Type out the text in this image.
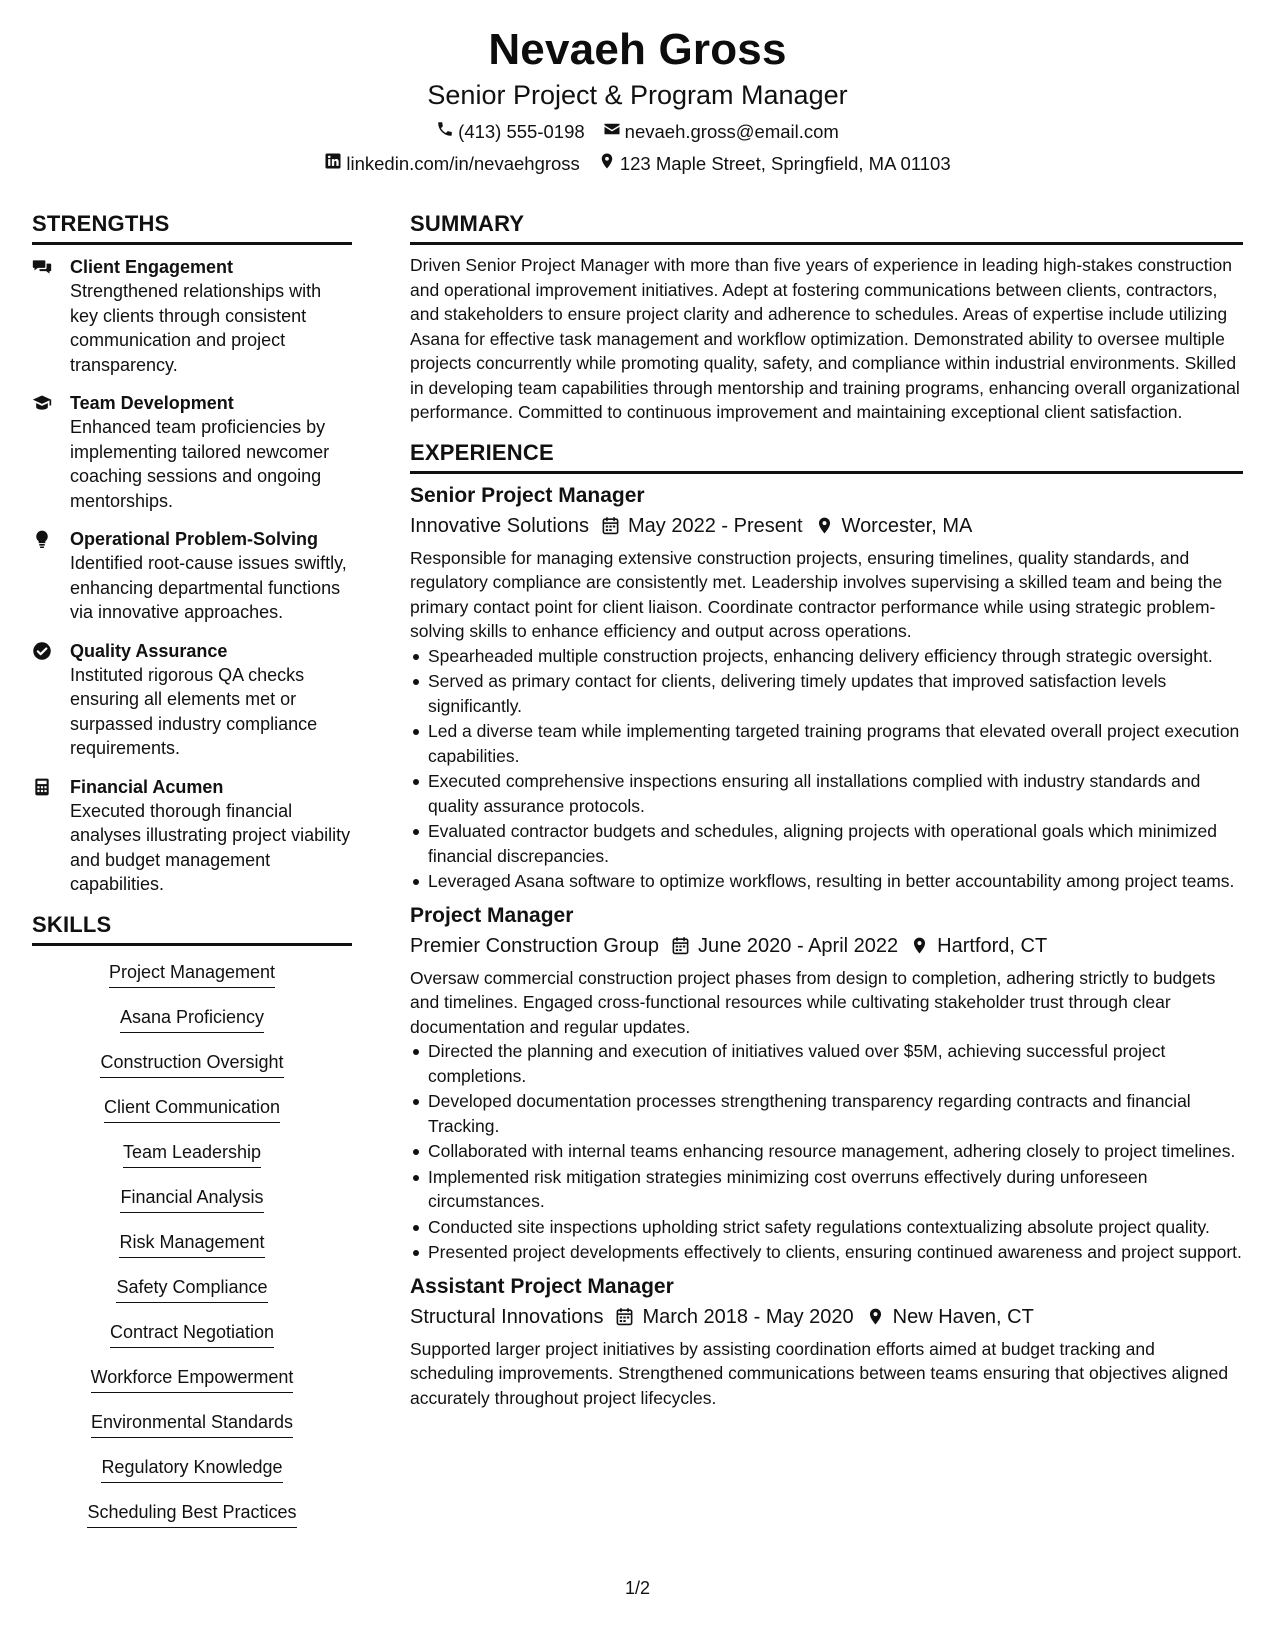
Nevaeh Gross
Senior Project & Program Manager
(413) 555-0198 nevaeh.gross@email.com
linkedin.com/in/nevaehgross 123 Maple Street, Springfield, MA 01103
STRENGTHS
Client Engagement
Strengthened relationships with key clients through consistent communication and project transparency.
Team Development
Enhanced team proficiencies by implementing tailored newcomer coaching sessions and ongoing mentorships.
Operational Problem-Solving
Identified root-cause issues swiftly, enhancing departmental functions via innovative approaches.
Quality Assurance
Instituted rigorous QA checks ensuring all elements met or surpassed industry compliance requirements.
Financial Acumen
Executed thorough financial analyses illustrating project viability and budget management capabilities.
SKILLS
Project Management
Asana Proficiency
Construction Oversight
Client Communication
Team Leadership
Financial Analysis
Risk Management
Safety Compliance
Contract Negotiation
Workforce Empowerment
Environmental Standards
Regulatory Knowledge
Scheduling Best Practices
SUMMARY
Driven Senior Project Manager with more than five years of experience in leading high-stakes construction and operational improvement initiatives. Adept at fostering communications between clients, contractors, and stakeholders to ensure project clarity and adherence to schedules. Areas of expertise include utilizing Asana for effective task management and workflow optimization. Demonstrated ability to oversee multiple projects concurrently while promoting quality, safety, and compliance within industrial environments. Skilled in developing team capabilities through mentorship and training programs, enhancing overall organizational performance. Committed to continuous improvement and maintaining exceptional client satisfaction.
EXPERIENCE
Senior Project Manager
Innovative Solutions May 2022 - Present Worcester, MA
Responsible for managing extensive construction projects, ensuring timelines, quality standards, and regulatory compliance are consistently met. Leadership involves supervising a skilled team and being the primary contact point for client liaison. Coordinate contractor performance while using strategic problem-solving skills to enhance efficiency and output across operations.
Spearheaded multiple construction projects, enhancing delivery efficiency through strategic oversight.
Served as primary contact for clients, delivering timely updates that improved satisfaction levels significantly.
Led a diverse team while implementing targeted training programs that elevated overall project execution capabilities.
Executed comprehensive inspections ensuring all installations complied with industry standards and quality assurance protocols.
Evaluated contractor budgets and schedules, aligning projects with operational goals which minimized financial discrepancies.
Leveraged Asana software to optimize workflows, resulting in better accountability among project teams.
Project Manager
Premier Construction Group June 2020 - April 2022 Hartford, CT
Oversaw commercial construction project phases from design to completion, adhering strictly to budgets and timelines. Engaged cross-functional resources while cultivating stakeholder trust through clear documentation and regular updates.
Directed the planning and execution of initiatives valued over $5M, achieving successful project completions.
Developed documentation processes strengthening transparency regarding contracts and financial Tracking.
Collaborated with internal teams enhancing resource management, adhering closely to project timelines.
Implemented risk mitigation strategies minimizing cost overruns effectively during unforeseen circumstances.
Conducted site inspections upholding strict safety regulations contextualizing absolute project quality.
Presented project developments effectively to clients, ensuring continued awareness and project support.
Assistant Project Manager
Structural Innovations March 2018 - May 2020 New Haven, CT
Supported larger project initiatives by assisting coordination efforts aimed at budget tracking and scheduling improvements. Strengthened communications between teams ensuring that objectives aligned accurately throughout project lifecycles.
1/2
